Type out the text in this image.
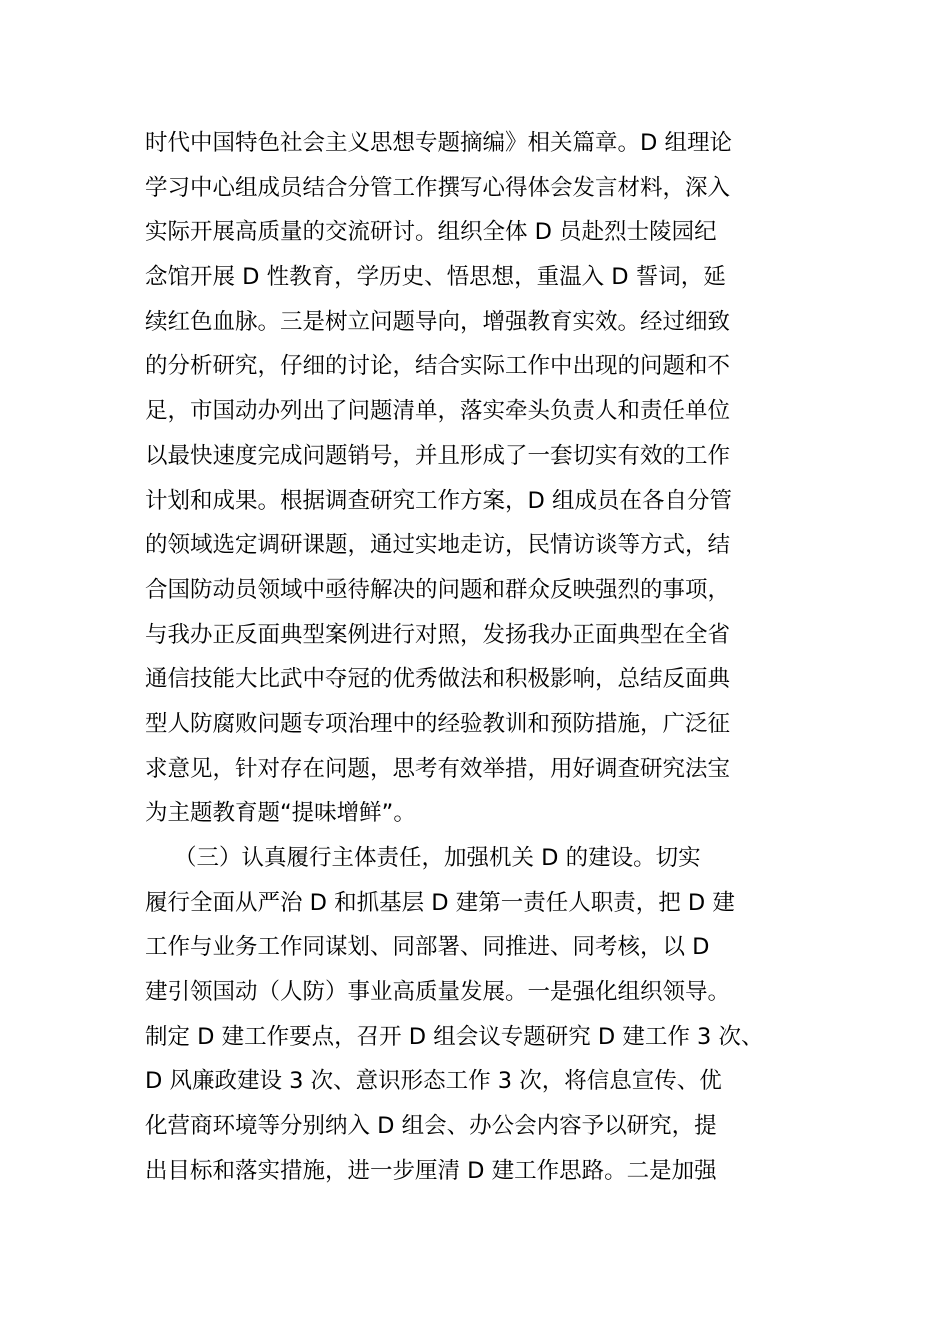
时代中国特色社会主义思想专题摘编》相关篇章。D 组理论
学习中心组成员结合分管工作撰写心得体会发言材料，深入
实际开展高质量的交流研讨。组织全体 D 员赴烈士陵园纪
念馆开展 D 性教育，学历史、悟思想，重温入 D 誓词，延
续红色血脉。三是树立问题导向，增强教育实效。经过细致
的分析研究，仔细的讨论，结合实际工作中出现的问题和不
足，市国动办列出了问题清单，落实牵头负责人和责任单位
以最快速度完成问题销号，并且形成了一套切实有效的工作
计划和成果。根据调查研究工作方案，D 组成员在各自分管
的领域选定调研课题，通过实地走访，民情访谈等方式，结
合国防动员领域中亟待解决的问题和群众反映强烈的事项，
与我办正反面典型案例进行对照，发扬我办正面典型在全省
通信技能大比武中夺冠的优秀做法和积极影响，总结反面典
型人防腐败问题专项治理中的经验教训和预防措施，广泛征
求意见，针对存在问题，思考有效举措，用好调查研究法宝
为主题教育题“提味增鲜”。
（三）认真履行主体责任，加强机关 D 的建设。切实
履行全面从严治 D 和抓基层 D 建第一责任人职责，把 D 建
工作与业务工作同谋划、同部署、同推进、同考核，以 D
建引领国动（人防）事业高质量发展。一是强化组织领导。
制定 D 建工作要点，召开 D 组会议专题研究 D 建工作 3 次、
D 风廉政建设 3 次、意识形态工作 3 次，将信息宣传、优
化营商环境等分别纳入 D 组会、办公会内容予以研究，提
出目标和落实措施，进一步厘清 D 建工作思路。二是加强
